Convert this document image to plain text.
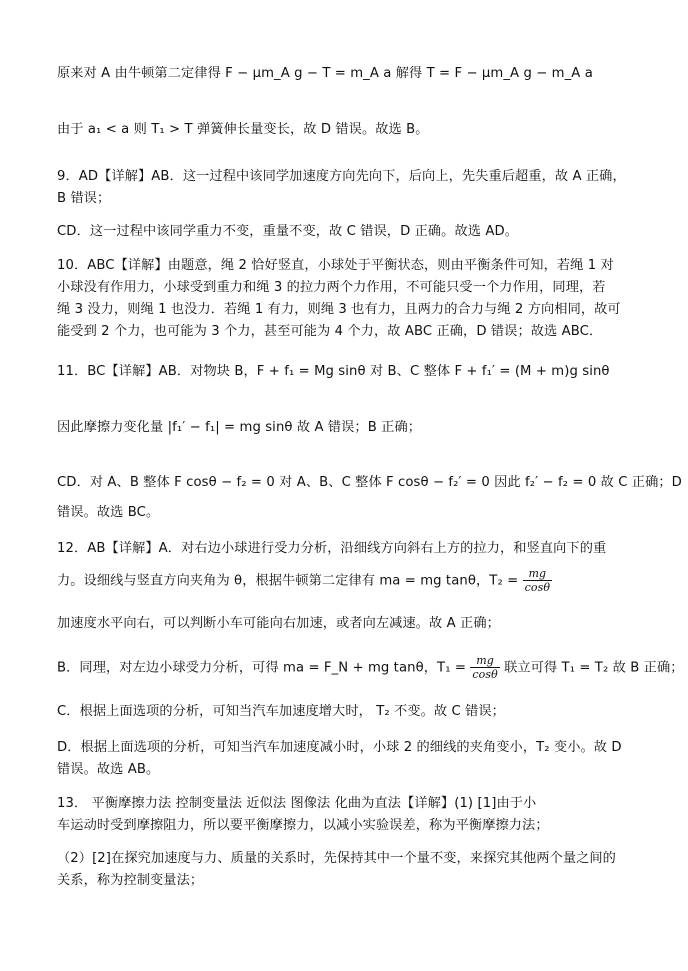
原来对 A 由牛顿第二定律得 F − μm_A g − T = m_A a 解得 T = F − μm_A g − m_A a
由于 a₁ < a 则 T₁ > T 弹簧伸长量变长，故 D 错误。故选 B。
9．AD【详解】AB．这一过程中该同学加速度方向先向下，后向上，先失重后超重，故 A 正确，
B 错误；
CD．这一过程中该同学重力不变，重量不变，故 C 错误，D 正确。故选 AD。
10．ABC【详解】由题意，绳 2 恰好竖直，小球处于平衡状态，则由平衡条件可知，若绳 1 对
小球没有作用力，小球受到重力和绳 3 的拉力两个力作用，不可能只受一个力作用，同理，若
绳 3 没力，则绳 1 也没力．若绳 1 有力，则绳 3 也有力，且两力的合力与绳 2 方向相同，故可
能受到 2 个力，也可能为 3 个力，甚至可能为 4 个力，故 ABC 正确，D 错误；故选 ABC．
11．BC【详解】AB．对物块 B，F + f₁ = Mg sinθ 对 B、C 整体 F + f₁′ = (M + m)g sinθ
因此摩擦力变化量 |f₁′ − f₁| = mg sinθ 故 A 错误；B 正确；
CD．对 A、B 整体 F cosθ − f₂ = 0 对 A、B、C 整体 F cosθ − f₂′ = 0 因此 f₂′ − f₂ = 0 故 C 正确；D
错误。故选 BC。
12．AB【详解】A．对右边小球进行受力分析，沿细线方向斜右上方的拉力，和竖直向下的重
力。设细线与竖直方向夹角为 θ，根据牛顿第二定律有 ma = mg tanθ，$T_2 = \frac{mg}{\cos\theta}$
加速度水平向右，可以判断小车可能向右加速，或者向左减速。故 A 正确；
B．同理，对左边小球受力分析，可得 ma = F_N + mg tanθ，$T_1 = \frac{mg}{\cos\theta}$ 联立可得 T₁ = T₂ 故 B 正确；
C．根据上面选项的分析，可知当汽车加速度增大时， T₂ 不变。故 C 错误；
D．根据上面选项的分析，可知当汽车加速度减小时，小球 2 的细线的夹角变小，T₂ 变小。故 D
错误。故选 AB。
13． 平衡摩擦力法 控制变量法 近似法 图像法 化曲为直法【详解】(1) [1]由于小
车运动时受到摩擦阻力，所以要平衡摩擦力，以减小实验误差，称为平衡摩擦力法；
（2）[2]在探究加速度与力、质量的关系时，先保持其中一个量不变，来探究其他两个量之间的
关系，称为控制变量法；
